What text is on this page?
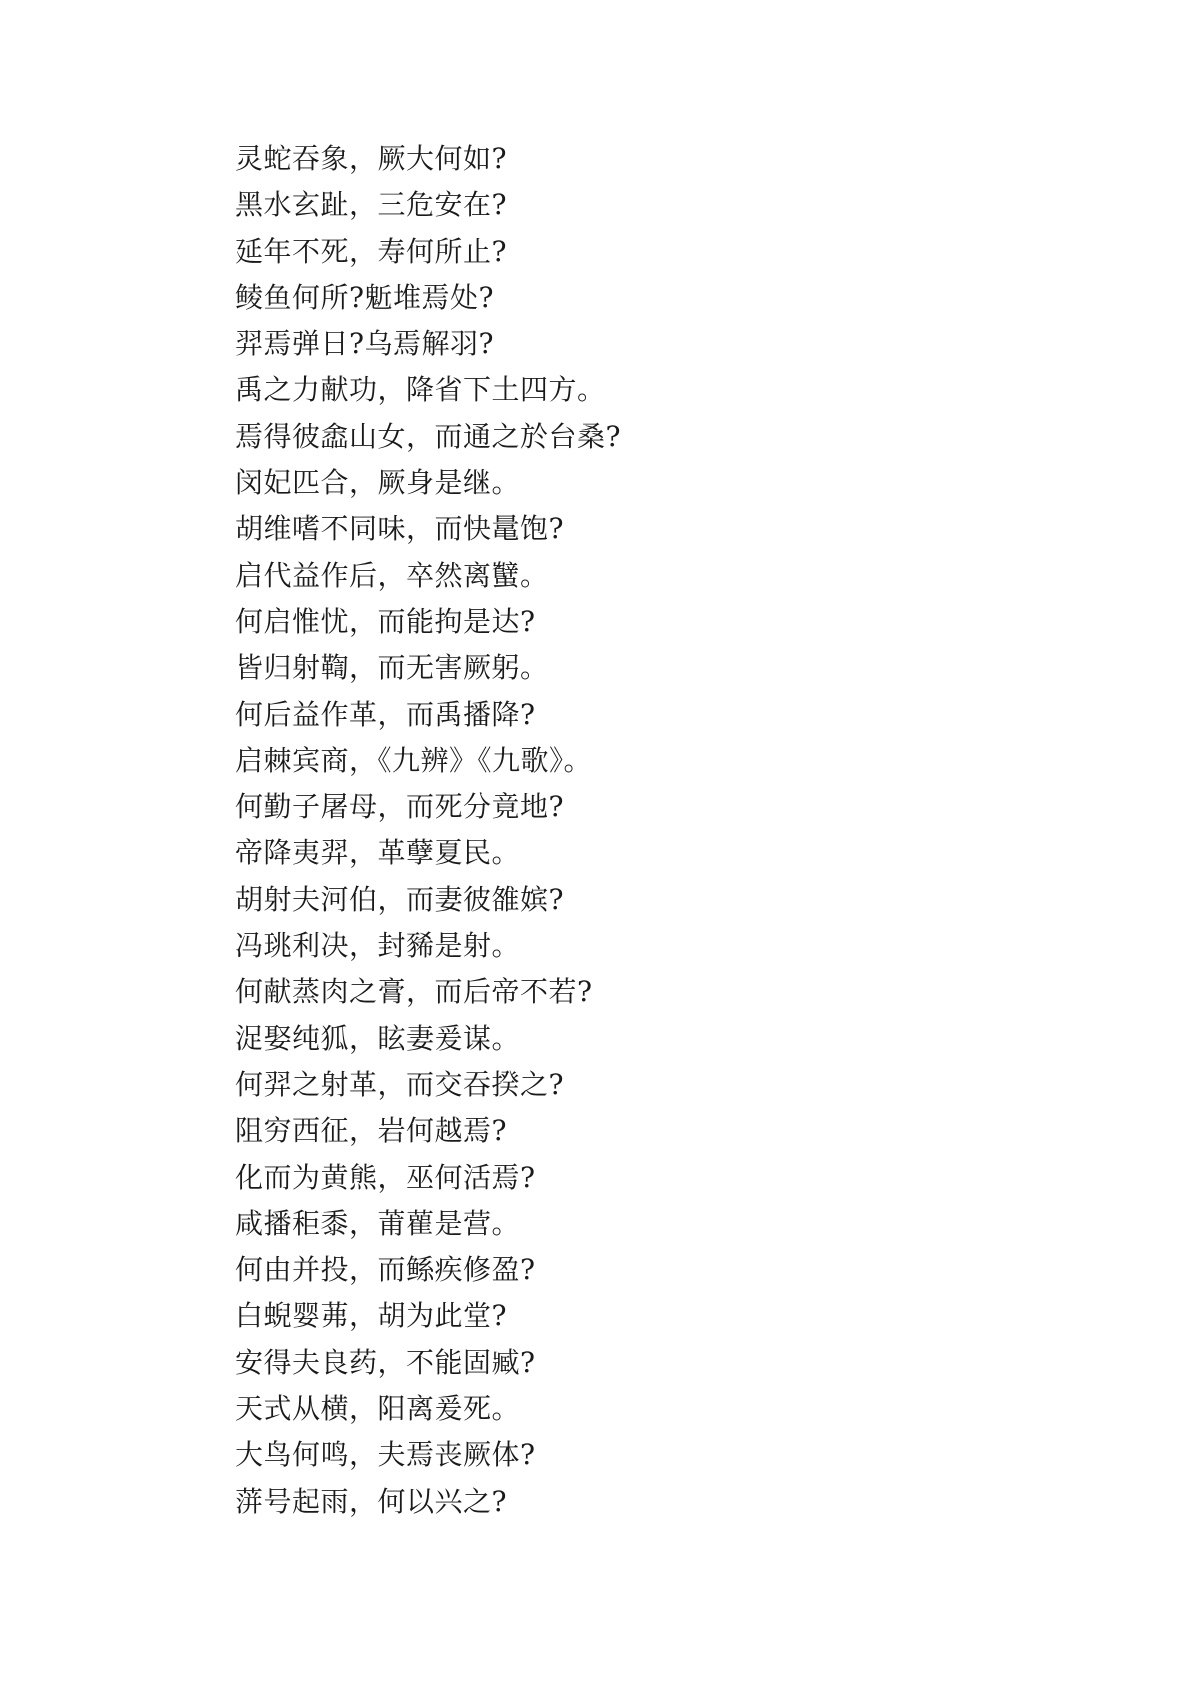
灵蛇吞象，厥大何如?
黑水玄趾，三危安在?
延年不死，寿何所止?
鲮鱼何所?鬿堆焉处?
羿焉弹日?乌焉解羽?
禹之力献功，降省下土四方。
焉得彼嵞山女，而通之於台桑?
闵妃匹合，厥身是继。
胡维嗜不同味，而快鼌饱?
启代益作后，卒然离蠥。
何启惟忧，而能拘是达?
皆归射鞫，而无害厥躬。
何后益作革，而禹播降?
启棘宾商，《九辨》《九歌》。
何勤子屠母，而死分竟地?
帝降夷羿，革孽夏民。
胡射夫河伯，而妻彼雒嫔?
冯珧利决，封豨是射。
何献蒸肉之膏，而后帝不若?
浞娶纯狐，眩妻爰谋。
何羿之射革，而交吞揆之?
阻穷西征，岩何越焉?
化而为黄熊，巫何活焉?
咸播秬黍，莆雚是营。
何由并投，而鲧疾修盈?
白蜺婴茀，胡为此堂?
安得夫良药，不能固臧?
天式从横，阳离爰死。
大鸟何鸣，夫焉丧厥体?
蓱号起雨，何以兴之?
